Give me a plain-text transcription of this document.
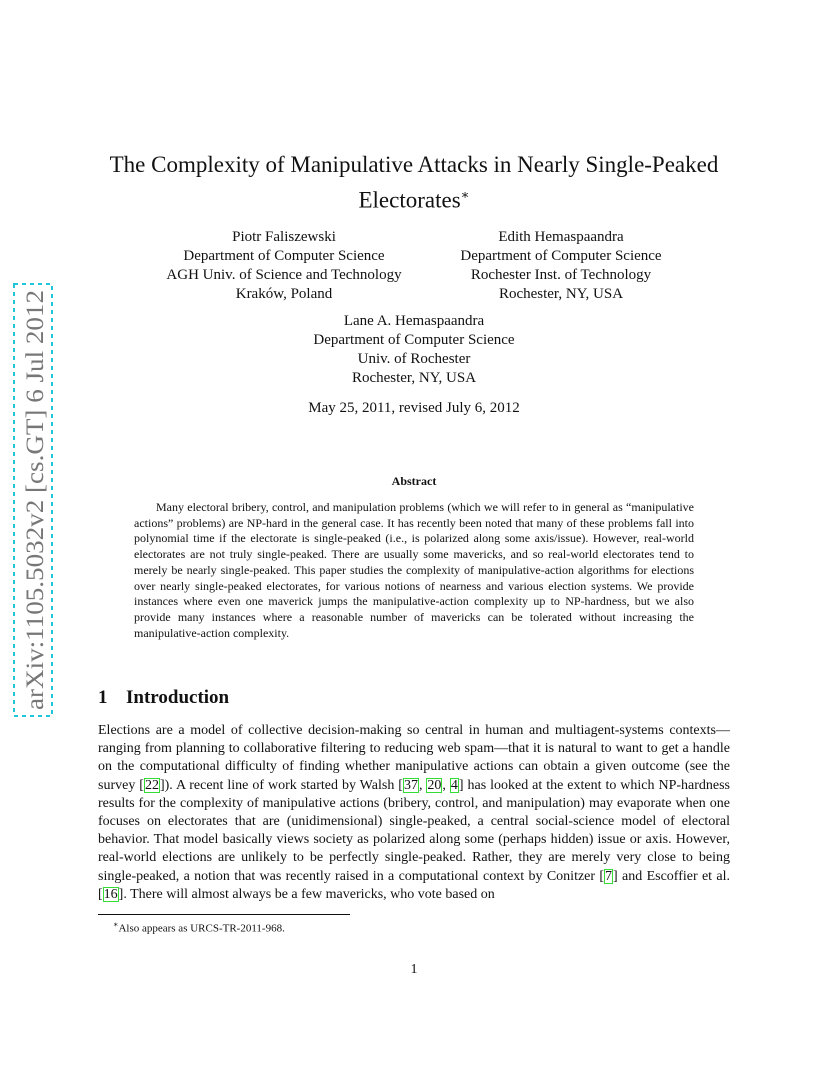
arXiv:1105.5032v2 [cs.GT] 6 Jul 2012
The Complexity of Manipulative Attacks in Nearly Single-Peaked
Electorates∗
Piotr Faliszewski
Department of Computer Science
AGH Univ. of Science and Technology
Kraków, Poland
Edith Hemaspaandra
Department of Computer Science
Rochester Inst. of Technology
Rochester, NY, USA
Lane A. Hemaspaandra
Department of Computer Science
Univ. of Rochester
Rochester, NY, USA
May 25, 2011, revised July 6, 2012
Abstract
Many electoral bribery, control, and manipulation problems (which we will refer to in general as “manipulative actions” problems) are NP-hard in the general case. It has recently been noted that many of these problems fall into polynomial time if the electorate is single-peaked (i.e., is polarized along some axis/issue). However, real-world electorates are not truly single-peaked. There are usually some mavericks, and so real-world electorates tend to merely be nearly single-peaked. This paper studies the complexity of manipulative-action algorithms for elections over nearly single-peaked electorates, for various notions of nearness and various election systems. We provide instances where even one maverick jumps the manipulative-action complexity up to NP-hardness, but we also provide many instances where a reasonable number of mavericks can be tolerated without increasing the manipulative-action complexity.
1 Introduction
Elections are a model of collective decision-making so central in human and multiagent-systems contexts—ranging from planning to collaborative filtering to reducing web spam—that it is natural to want to get a handle on the computational difficulty of finding whether manipulative actions can obtain a given outcome (see the survey [22]). A recent line of work started by Walsh [37, 20, 4] has looked at the extent to which NP-hardness results for the complexity of manipulative actions (bribery, control, and manipulation) may evaporate when one focuses on electorates that are (unidimensional) single-peaked, a central social-science model of electoral behavior. That model basically views society as polarized along some (perhaps hidden) issue or axis. However, real-world elections are unlikely to be perfectly single-peaked. Rather, they are merely very close to being single-peaked, a notion that was recently raised in a computational context by Conitzer [7] and Escoffier et al. [16]. There will almost always be a few mavericks, who vote based on
∗Also appears as URCS-TR-2011-968.
1
